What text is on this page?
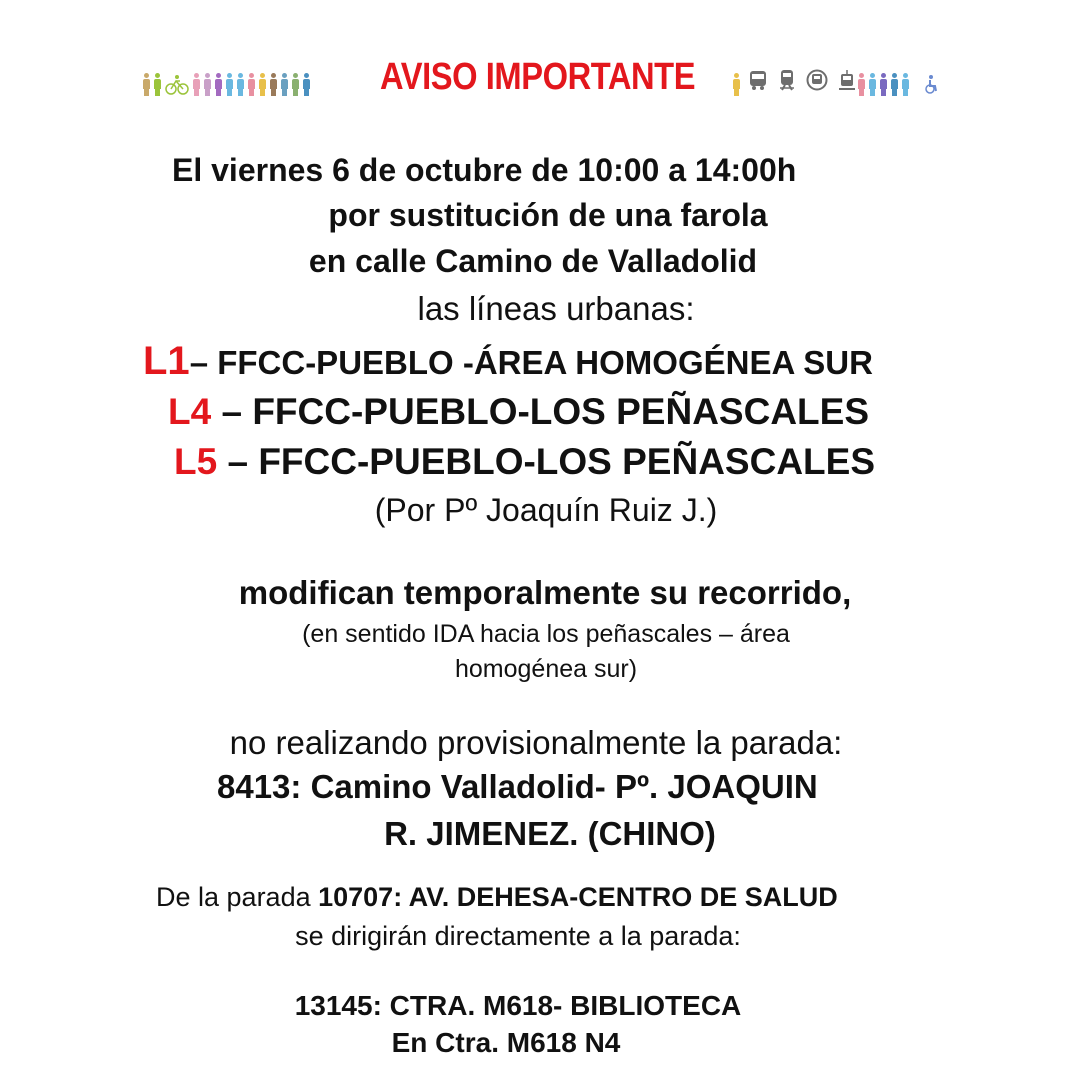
AVISO IMPORTANTE
El viernes 6 de octubre de 10:00 a 14:00h
por sustitución de una farola
en calle Camino de Valladolid
las líneas urbanas:
L1– FFCC-PUEBLO -ÁREA HOMOGÉNEA SUR
L4 – FFCC-PUEBLO-LOS PEÑASCALES
L5 – FFCC-PUEBLO-LOS PEÑASCALES
(Por Pº Joaquín Ruiz J.)
modifican temporalmente su recorrido,
(en sentido IDA hacia los peñascales – área
homogénea sur)
no realizando provisionalmente la parada:
8413: Camino Valladolid- Pº. JOAQUIN
R. JIMENEZ. (CHINO)
De la parada 10707: AV. DEHESA-CENTRO DE SALUD
se dirigirán directamente a la parada:
13145: CTRA. M618- BIBLIOTECA
En Ctra. M618 N4
